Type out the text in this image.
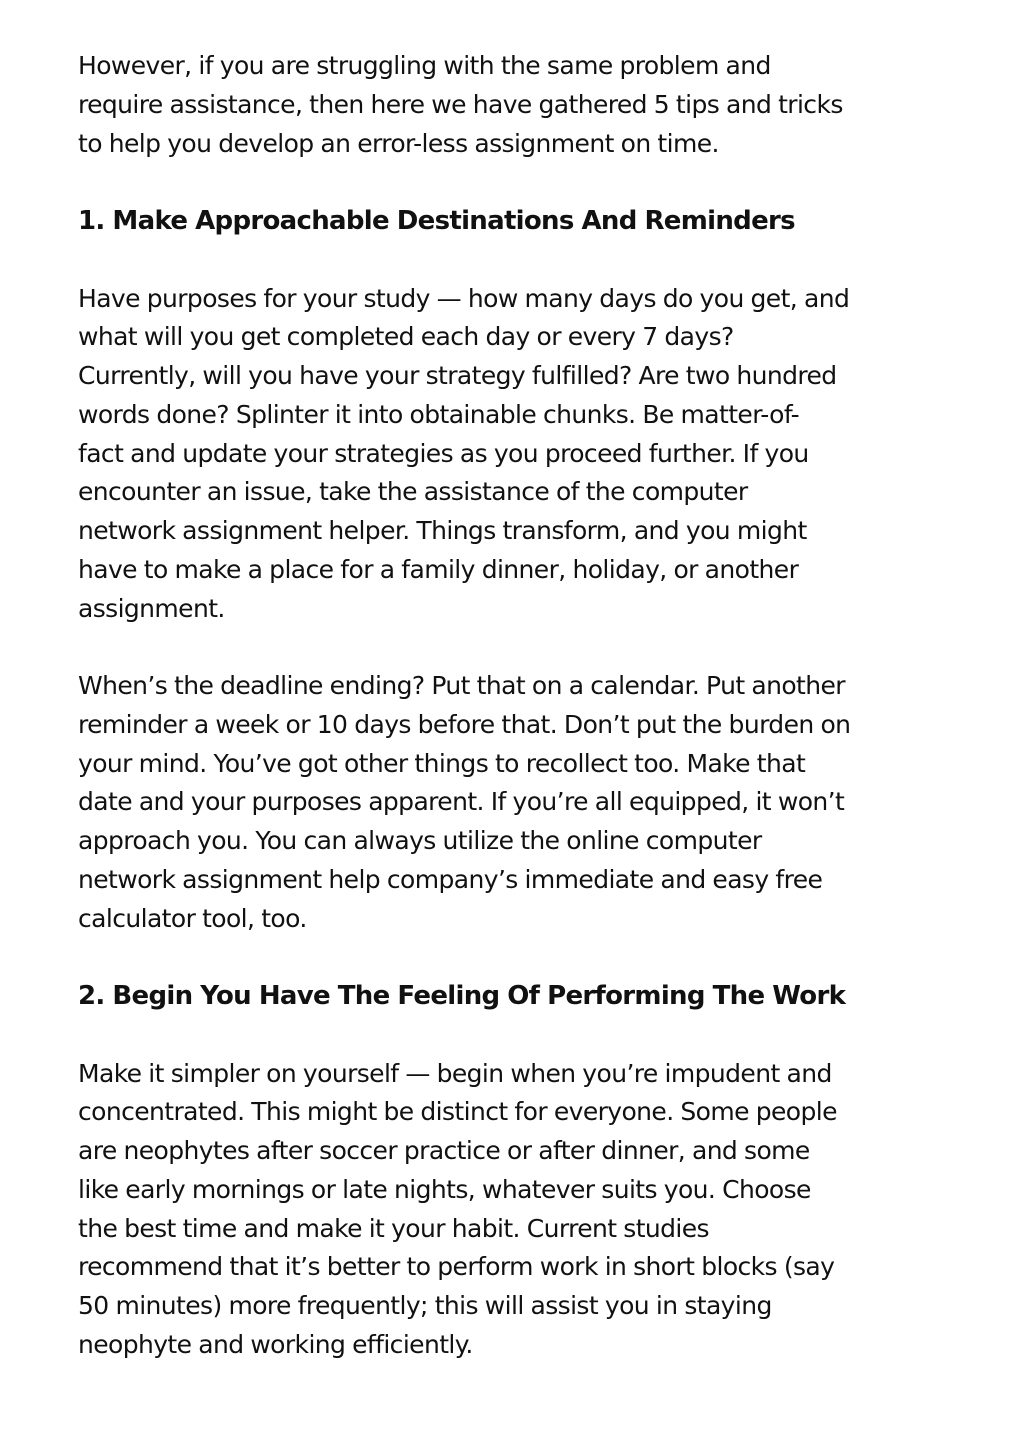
However, if you are struggling with the same problem and
require assistance, then here we have gathered 5 tips and tricks
to help you develop an error-less assignment on time.

1. Make Approachable Destinations And Reminders

Have purposes for your study — how many days do you get, and
what will you get completed each day or every 7 days?
Currently, will you have your strategy fulfilled? Are two hundred
words done? Splinter it into obtainable chunks. Be matter-of-
fact and update your strategies as you proceed further. If you
encounter an issue, take the assistance of the computer
network assignment helper. Things transform, and you might
have to make a place for a family dinner, holiday, or another
assignment.

When’s the deadline ending? Put that on a calendar. Put another
reminder a week or 10 days before that. Don’t put the burden on
your mind. You’ve got other things to recollect too. Make that
date and your purposes apparent. If you’re all equipped, it won’t
approach you. You can always utilize the online computer
network assignment help company’s immediate and easy free
calculator tool, too.

2. Begin You Have The Feeling Of Performing The Work

Make it simpler on yourself — begin when you’re impudent and
concentrated. This might be distinct for everyone. Some people
are neophytes after soccer practice or after dinner, and some
like early mornings or late nights, whatever suits you. Choose
the best time and make it your habit. Current studies
recommend that it’s better to perform work in short blocks (say
50 minutes) more frequently; this will assist you in staying
neophyte and working efficiently.
